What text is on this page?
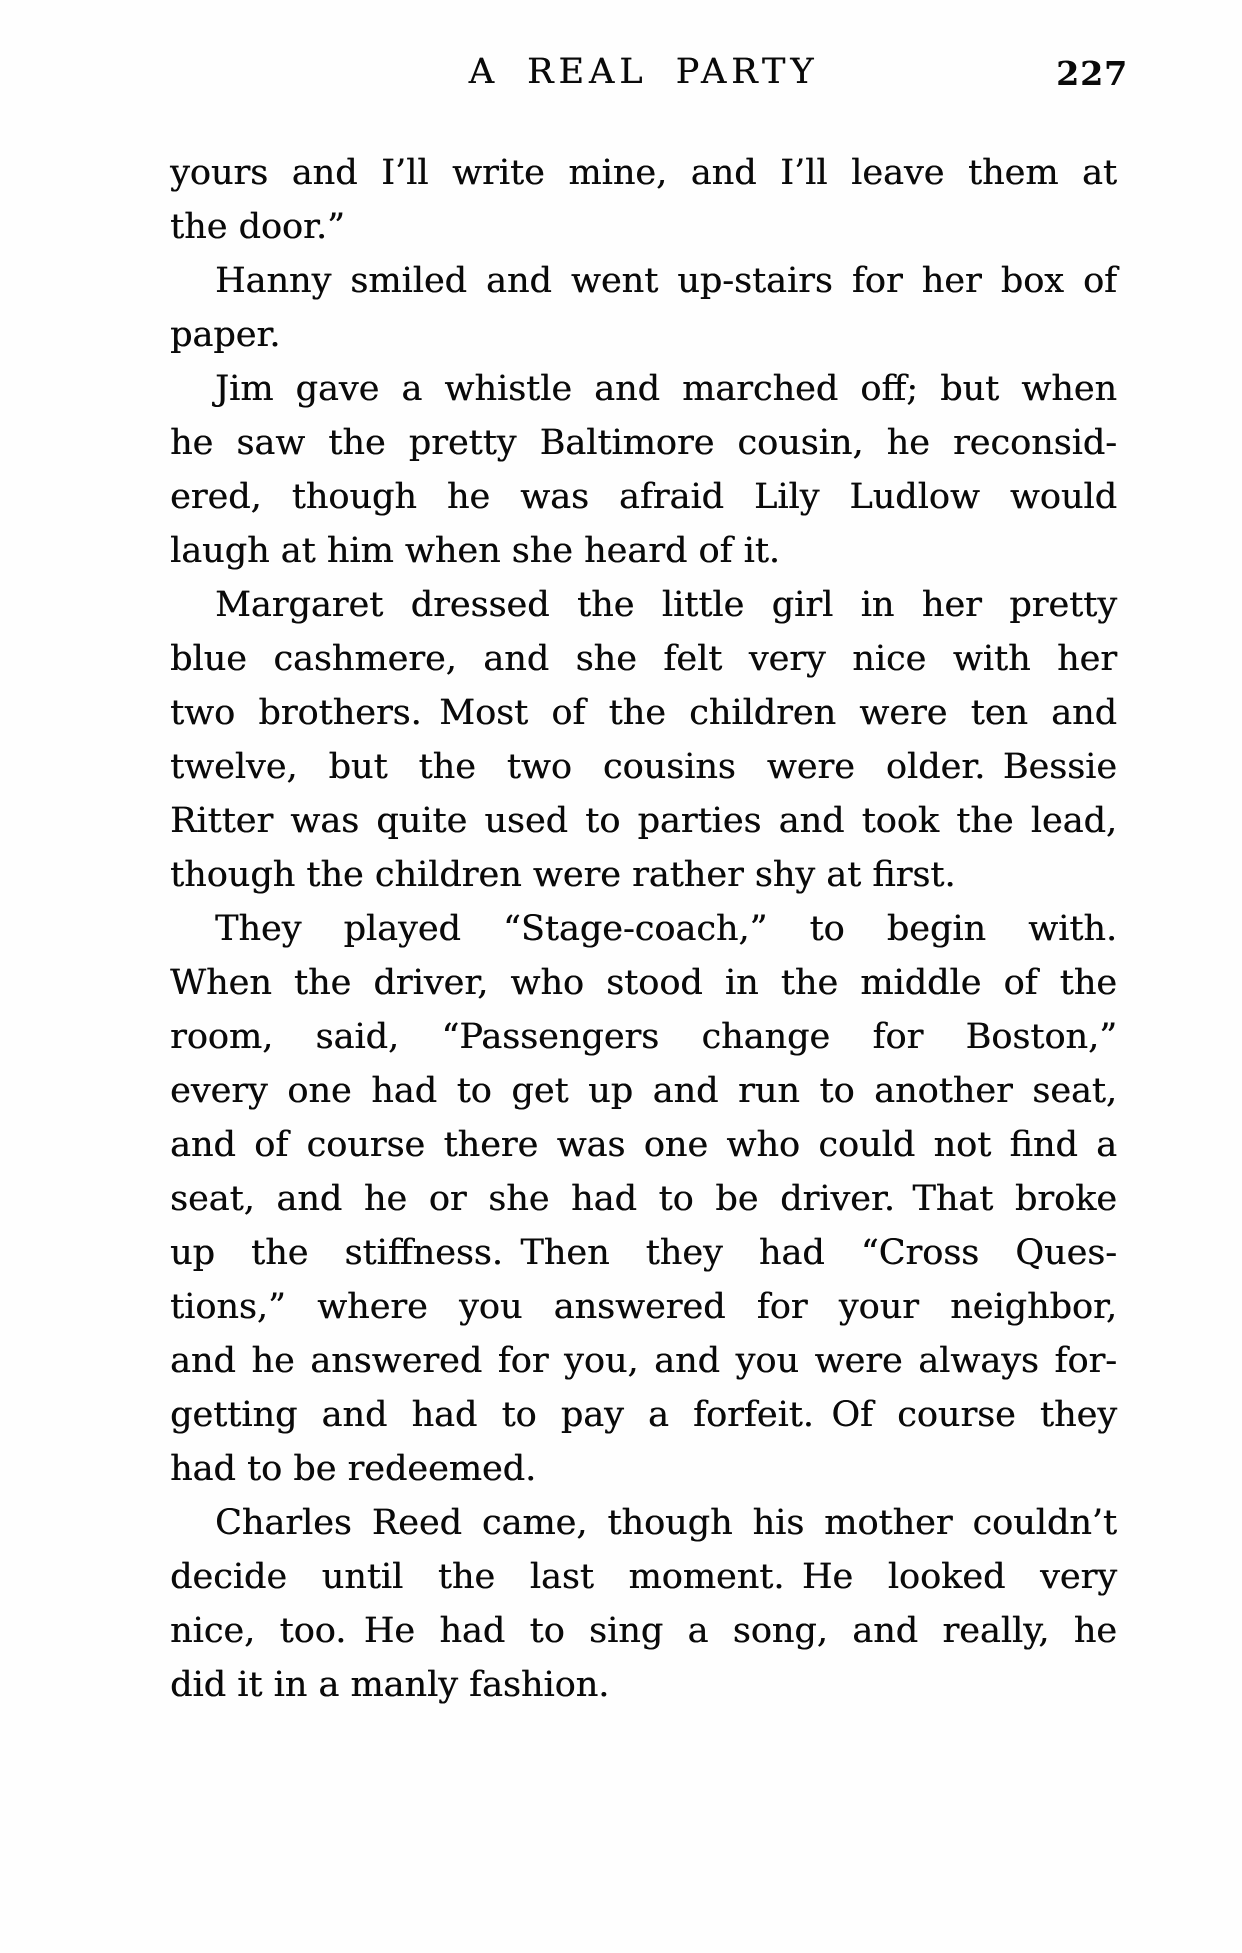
A REAL PARTY	227
yours and I’ll write mine, and I’ll leave them at
the door.”
Hanny smiled and went up-stairs for her box of
paper.
Jim gave a whistle and marched off; but when
he saw the pretty Baltimore cousin, he reconsid-
ered, though he was afraid Lily Ludlow would
laugh at him when she heard of it.
Margaret dressed the little girl in her pretty
blue cashmere, and she felt very nice with her
two brothers. Most of the children were ten and
twelve, but the two cousins were older. Bessie
Ritter was quite used to parties and took the lead,
though the children were rather shy at first.
They played “Stage-coach,” to begin with.
When the driver, who stood in the middle of the
room, said, “Passengers change for Boston,”
every one had to get up and run to another seat,
and of course there was one who could not find a
seat, and he or she had to be driver. That broke
up the stiffness. Then they had “Cross Ques-
tions,” where you answered for your neighbor,
and he answered for you, and you were always for-
getting and had to pay a forfeit. Of course they
had to be redeemed.
Charles Reed came, though his mother couldn’t
decide until the last moment. He looked very
nice, too. He had to sing a song, and really, he
did it in a manly fashion.
